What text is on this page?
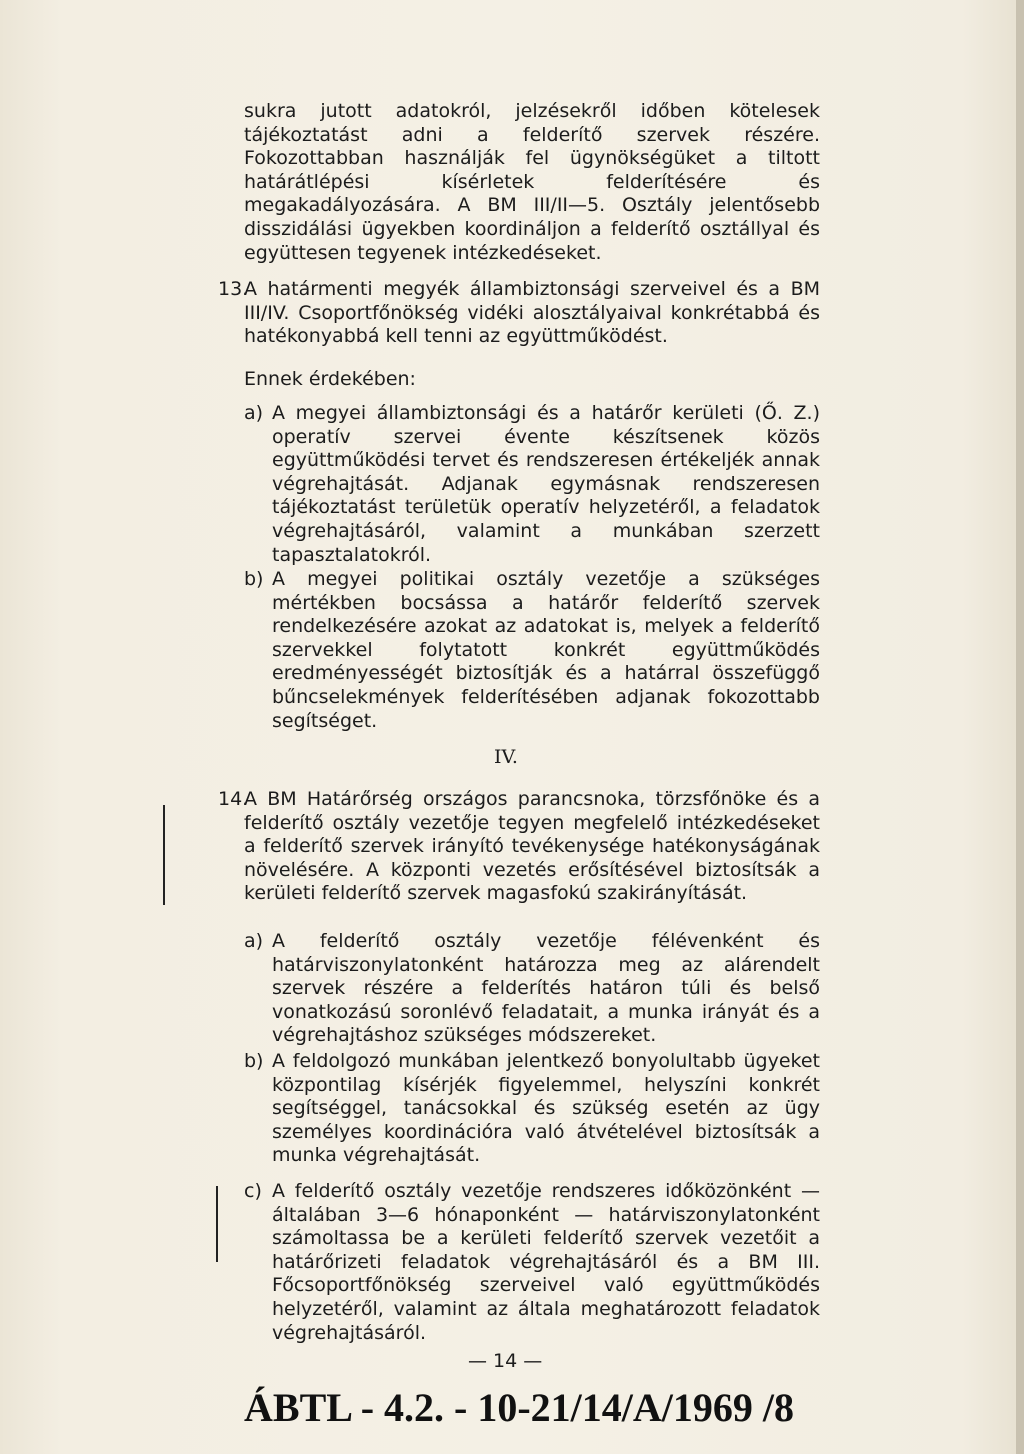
sukra jutott adatokról, jelzésekről időben kötelesek tájékoztatást adni a felderítő szervek részére. Fokozottabban használják fel ügynökségüket a tiltott határátlépési kísérletek felderítésére és megakadályozására. A BM III/II—5. Osztály jelentősebb disszidálási ügyekben koordináljon a felderítő osztállyal és együttesen tegyenek intézkedéseket.

13.

A határmenti megyék állambiztonsági szerveivel és a BM III/IV. Csoportfőnökség vidéki alosztályaival konkrétabbá és hatékonyabbá kell tenni az együttműködést.

Ennek érdekében:
a) A megyei állambiztonsági és a határőr kerületi (Ő. Z.) operatív szervei évente készítsenek közös együttműködési tervet és rendszeresen értékeljék annak végrehajtását. Adjanak egymásnak rendszeresen tájékoztatást területük operatív helyzetéről, a feladatok végrehajtásáról, valamint a munkában szerzett tapasztalatokról.
b) A megyei politikai osztály vezetője a szükséges mértékben bocsássa a határőr felderítő szervek rendelkezésére azokat az adatokat is, melyek a felderítő szervekkel folytatott konkrét együttműködés eredményességét biztosítják és a határral összefüggő bűncselekmények felderítésében adjanak fokozottabb segítséget.
IV.
14.

A BM Határőrség országos parancsnoka, törzsfőnöke és a felderítő osztály vezetője tegyen megfelelő intézkedéseket a felderítő szervek irányító tevékenysége hatékonyságának növelésére. A központi vezetés erősítésével biztosítsák a kerületi felderítő szervek magasfokú szakirányítását.

a) A felderítő osztály vezetője félévenként és határviszonylatonként határozza meg az alárendelt szervek részére a felderítés határon túli és belső vonatkozású soronlévő feladatait, a munka irányát és a végrehajtáshoz szükséges módszereket.
b) A feldolgozó munkában jelentkező bonyolultabb ügyeket központilag kísérjék figyelemmel, helyszíni konkrét segítséggel, tanácsokkal és szükség esetén az ügy személyes koordinációra való átvételével biztosítsák a munka végrehajtását.
c) A felderítő osztály vezetője rendszeres időközönként — általában 3—6 hónaponként — határviszonylatonként számoltassa be a kerületi felderítő szervek vezetőit a határőrizeti feladatok végrehajtásáról és a BM III. Főcsoportfőnökség szerveivel való együttműködés helyzetéről, valamint az általa meghatározott feladatok végrehajtásáról.
— 14 —
ÁBTL - 4.2. - 10-21/14/A/1969 /8
